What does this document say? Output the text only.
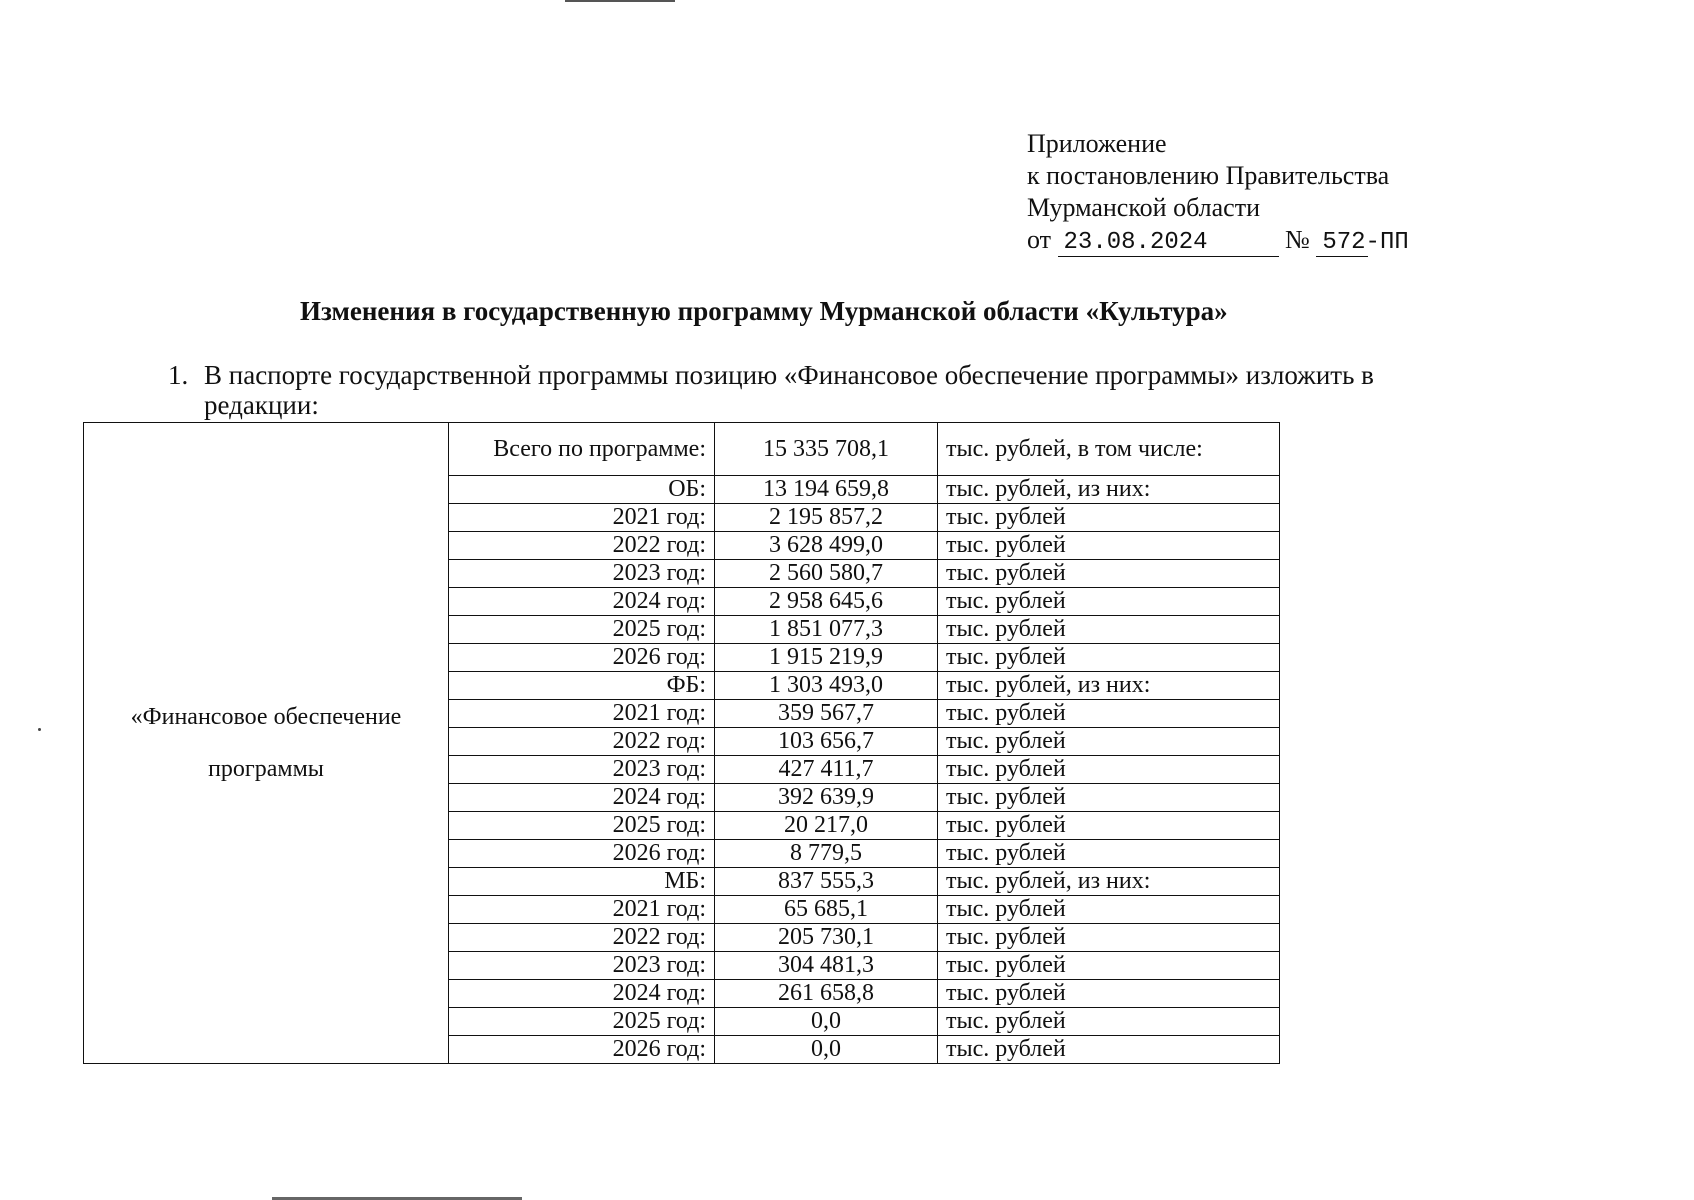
Приложение
к постановлению Правительства
Мурманской области
от 23.08.2024	№ 572-ПП
Изменения в государственную программу Мурманской области «Культура»
1. В паспорте государственной программы позицию «Финансовое обеспечение программы» изложить в редакции:
«Финансовое обеспечение программы	Всего по программе:	15 335 708,1	тыс. рублей, в том числе:
	ОБ:	13 194 659,8	тыс. рублей, из них:
	2021 год:	2 195 857,2	тыс. рублей
	2022 год:	3 628 499,0	тыс. рублей
	2023 год:	2 560 580,7	тыс. рублей
	2024 год:	2 958 645,6	тыс. рублей
	2025 год:	1 851 077,3	тыс. рублей
	2026 год:	1 915 219,9	тыс. рублей
	ФБ:	1 303 493,0	тыс. рублей, из них:
	2021 год:	359 567,7	тыс. рублей
	2022 год:	103 656,7	тыс. рублей
	2023 год:	427 411,7	тыс. рублей
	2024 год:	392 639,9	тыс. рублей
	2025 год:	20 217,0	тыс. рублей
	2026 год:	8 779,5	тыс. рублей
	МБ:	837 555,3	тыс. рублей, из них:
	2021 год:	65 685,1	тыс. рублей
	2022 год:	205 730,1	тыс. рублей
	2023 год:	304 481,3	тыс. рублей
	2024 год:	261 658,8	тыс. рублей
	2025 год:	0,0	тыс. рублей
	2026 год:	0,0	тыс. рублей
